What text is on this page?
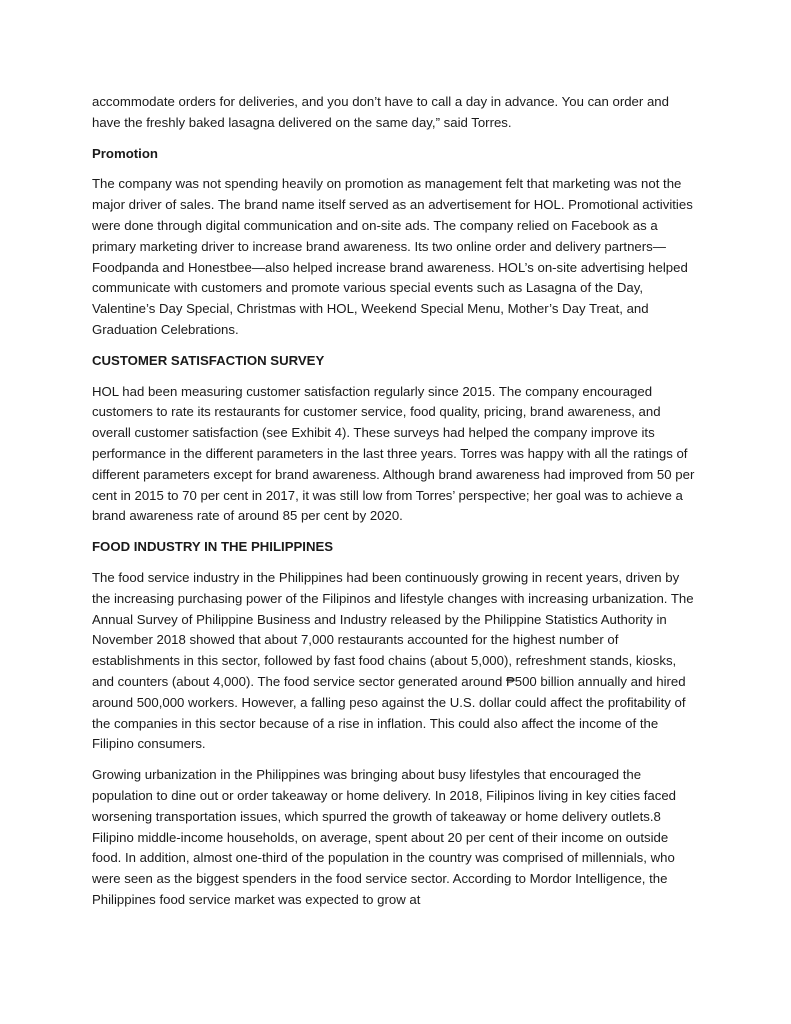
accommodate orders for deliveries, and you don’t have to call a day in advance. You can order and have the freshly baked lasagna delivered on the same day,” said Torres.

Promotion

The company was not spending heavily on promotion as management felt that marketing was not the major driver of sales. The brand name itself served as an advertisement for HOL. Promotional activities were done through digital communication and on-site ads. The company relied on Facebook as a primary marketing driver to increase brand awareness. Its two online order and delivery partners—Foodpanda and Honestbee—also helped increase brand awareness. HOL’s on-site advertising helped communicate with customers and promote various special events such as Lasagna of the Day, Valentine’s Day Special, Christmas with HOL, Weekend Special Menu, Mother’s Day Treat, and Graduation Celebrations.

CUSTOMER SATISFACTION SURVEY

HOL had been measuring customer satisfaction regularly since 2015. The company encouraged customers to rate its restaurants for customer service, food quality, pricing, brand awareness, and overall customer satisfaction (see Exhibit 4). These surveys had helped the company improve its performance in the different parameters in the last three years. Torres was happy with all the ratings of different parameters except for brand awareness. Although brand awareness had improved from 50 per cent in 2015 to 70 per cent in 2017, it was still low from Torres’ perspective; her goal was to achieve a brand awareness rate of around 85 per cent by 2020.

FOOD INDUSTRY IN THE PHILIPPINES

The food service industry in the Philippines had been continuously growing in recent years, driven by the increasing purchasing power of the Filipinos and lifestyle changes with increasing urbanization. The Annual Survey of Philippine Business and Industry released by the Philippine Statistics Authority in November 2018 showed that about 7,000 restaurants accounted for the highest number of establishments in this sector, followed by fast food chains (about 5,000), refreshment stands, kiosks, and counters (about 4,000). The food service sector generated around ₱500 billion annually and hired around 500,000 workers. However, a falling peso against the U.S. dollar could affect the profitability of the companies in this sector because of a rise in inflation. This could also affect the income of the Filipino consumers.

Growing urbanization in the Philippines was bringing about busy lifestyles that encouraged the population to dine out or order takeaway or home delivery. In 2018, Filipinos living in key cities faced worsening transportation issues, which spurred the growth of takeaway or home delivery outlets.8 Filipino middle-income households, on average, spent about 20 per cent of their income on outside food. In addition, almost one-third of the population in the country was comprised of millennials, who were seen as the biggest spenders in the food service sector. According to Mordor Intelligence, the Philippines food service market was expected to grow at
